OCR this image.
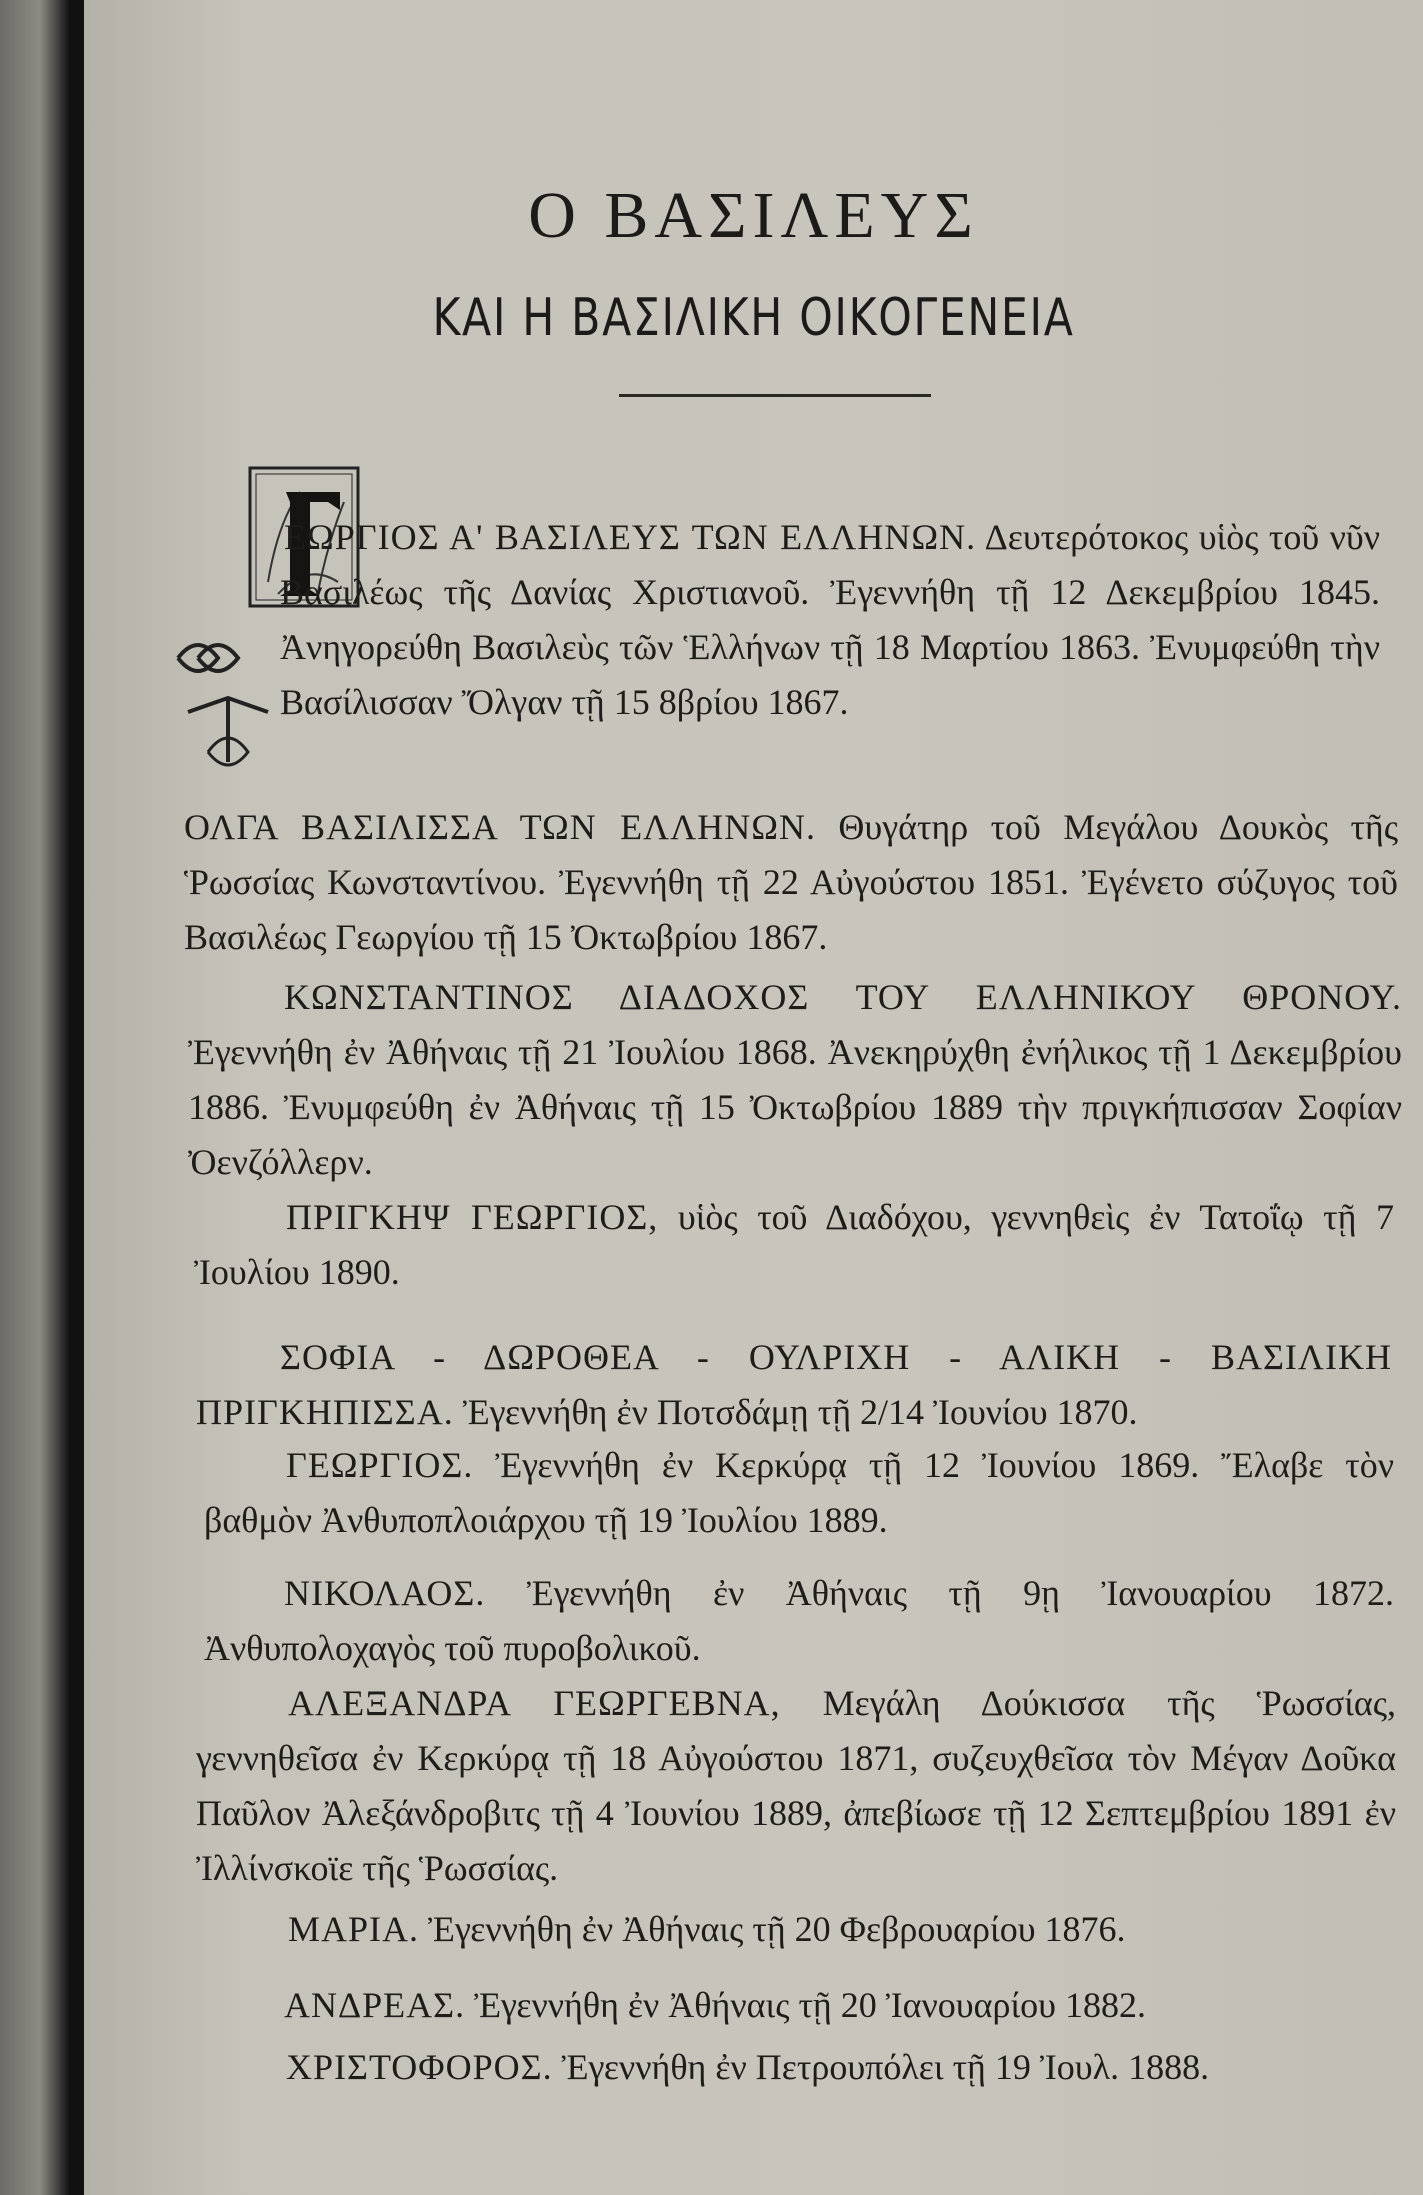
Ο ΒΑΣΙΛΕΥΣ
ΚΑΙ Η ΒΑΣΙΛΙΚΗ ΟΙΚΟΓΕΝΕΙΑ

ΕΩΡΓΙΟΣ Α' ΒΑΣΙΛΕΥΣ ΤΩΝ ΕΛΛΗΝΩΝ. Δευτερότοκος υἱὸς τοῦ νῦν Βασιλέως τῆς Δανίας Χριστιανοῦ. Ἐγεννήθη τῇ 12 Δεκεμβρίου 1845. Ἀνηγορεύθη Βασιλεὺς τῶν Ἑλλήνων τῇ 18 Μαρτίου 1863. Ἐνυμφεύθη τὴν Βασίλισσαν Ὄλγαν τῇ 15 8βρίου 1867.

ΟΛΓΑ ΒΑΣΙΛΙΣΣΑ ΤΩΝ ΕΛΛΗΝΩΝ. Θυγάτηρ τοῦ Μεγάλου Δουκὸς τῆς Ῥωσσίας Κωνσταντίνου. Ἐγεννήθη τῇ 22 Αὐγούστου 1851. Ἐγένετο σύζυγος τοῦ Βασιλέως Γεωργίου τῇ 15 Ὀκτωβρίου 1867.

ΚΩΝΣΤΑΝΤΙΝΟΣ ΔΙΑΔΟΧΟΣ ΤΟΥ ΕΛΛΗΝΙΚΟΥ ΘΡΟΝΟΥ. Ἐγεννήθη ἐν Ἀθήναις τῇ 21 Ἰουλίου 1868. Ἀνεκηρύχθη ἐνήλικος τῇ 1 Δεκεμβρίου 1886. Ἐνυμφεύθη ἐν Ἀθήναις τῇ 15 Ὀκτωβρίου 1889 τὴν πριγκήπισσαν Σοφίαν Ὀενζόλλερν.

ΠΡΙΓΚΗΨ ΓΕΩΡΓΙΟΣ, υἱὸς τοῦ Διαδόχου, γεννηθεὶς ἐν Τατοΐῳ τῇ 7 Ἰουλίου 1890.

ΣΟΦΙΑ - ΔΩΡΟΘΕΑ - ΟΥΛΡΙΧΗ - ΑΛΙΚΗ - ΒΑΣΙΛΙΚΗ ΠΡΙΓΚΗΠΙΣΣΑ. Ἐγεννήθη ἐν Ποτσδάμῃ τῇ 2/14 Ἰουνίου 1870.

ΓΕΩΡΓΙΟΣ. Ἐγεννήθη ἐν Κερκύρᾳ τῇ 12 Ἰουνίου 1869. Ἔλαβε τὸν βαθμὸν Ἀνθυποπλοιάρχου τῇ 19 Ἰουλίου 1889.

ΝΙΚΟΛΑΟΣ. Ἐγεννήθη ἐν Ἀθήναις τῇ 9ῃ Ἰανουαρίου 1872. Ἀνθυπολοχαγὸς τοῦ πυροβολικοῦ.

ΑΛΕΞΑΝΔΡΑ ΓΕΩΡΓΕΒΝΑ, Μεγάλη Δούκισσα τῆς Ῥωσσίας, γεννηθεῖσα ἐν Κερκύρᾳ τῇ 18 Αὐγούστου 1871, συζευχθεῖσα τὸν Μέγαν Δοῦκα Παῦλον Ἀλεξάνδροβιτς τῇ 4 Ἰουνίου 1889, ἀπεβίωσε τῇ 12 Σεπτεμβρίου 1891 ἐν Ἰλλίνσκοϊε τῆς Ῥωσσίας.

ΜΑΡΙΑ. Ἐγεννήθη ἐν Ἀθήναις τῇ 20 Φεβρουαρίου 1876.

ΑΝΔΡΕΑΣ. Ἐγεννήθη ἐν Ἀθήναις τῇ 20 Ἰανουαρίου 1882.

ΧΡΙΣΤΟΦΟΡΟΣ. Ἐγεννήθη ἐν Πετρουπόλει τῇ 19 Ἰουλ. 1888.
